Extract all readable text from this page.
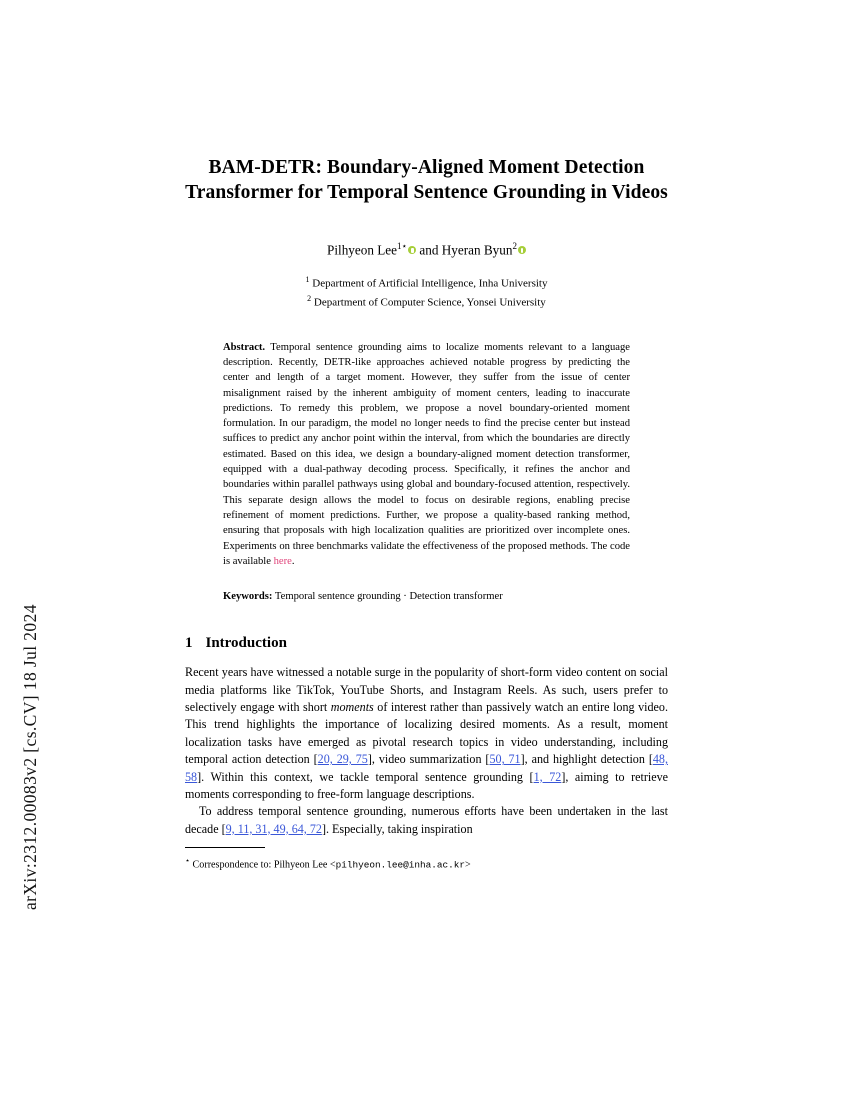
arXiv:2312.00083v2 [cs.CV] 18 Jul 2024
BAM-DETR: Boundary-Aligned Moment Detection Transformer for Temporal Sentence Grounding in Videos
Pilhyeon Lee$^{1⋆}$ and Hyeran Byun$^2$
$^1$ Department of Artificial Intelligence, Inha University
$^2$ Department of Computer Science, Yonsei University
Abstract. Temporal sentence grounding aims to localize moments relevant to a language description. Recently, DETR-like approaches achieved notable progress by predicting the center and length of a target moment. However, they suffer from the issue of center misalignment raised by the inherent ambiguity of moment centers, leading to inaccurate predictions. To remedy this problem, we propose a novel boundary-oriented moment formulation. In our paradigm, the model no longer needs to find the precise center but instead suffices to predict any anchor point within the interval, from which the boundaries are directly estimated. Based on this idea, we design a boundary-aligned moment detection transformer, equipped with a dual-pathway decoding process. Specifically, it refines the anchor and boundaries within parallel pathways using global and boundary-focused attention, respectively. This separate design allows the model to focus on desirable regions, enabling precise refinement of moment predictions. Further, we propose a quality-based ranking method, ensuring that proposals with high localization qualities are prioritized over incomplete ones. Experiments on three benchmarks validate the effectiveness of the proposed methods. The code is available here.
Keywords: Temporal sentence grounding · Detection transformer
1 Introduction

Recent years have witnessed a notable surge in the popularity of short-form video content on social media platforms like TikTok, YouTube Shorts, and Instagram Reels. As such, users prefer to selectively engage with short moments of interest rather than passively watch an entire long video. This trend highlights the importance of localizing desired moments. As a result, moment localization tasks have emerged as pivotal research topics in video understanding, including temporal action detection [20, 29, 75], video summarization [50, 71], and highlight detection [48, 58]. Within this context, we tackle temporal sentence grounding [1, 72], aiming to retrieve moments corresponding to free-form language descriptions.

To address temporal sentence grounding, numerous efforts have been undertaken in the last decade [9, 11, 31, 49, 64, 72]. Especially, taking inspiration

⋆ Correspondence to: Pilhyeon Lee <pilhyeon.lee@inha.ac.kr>
